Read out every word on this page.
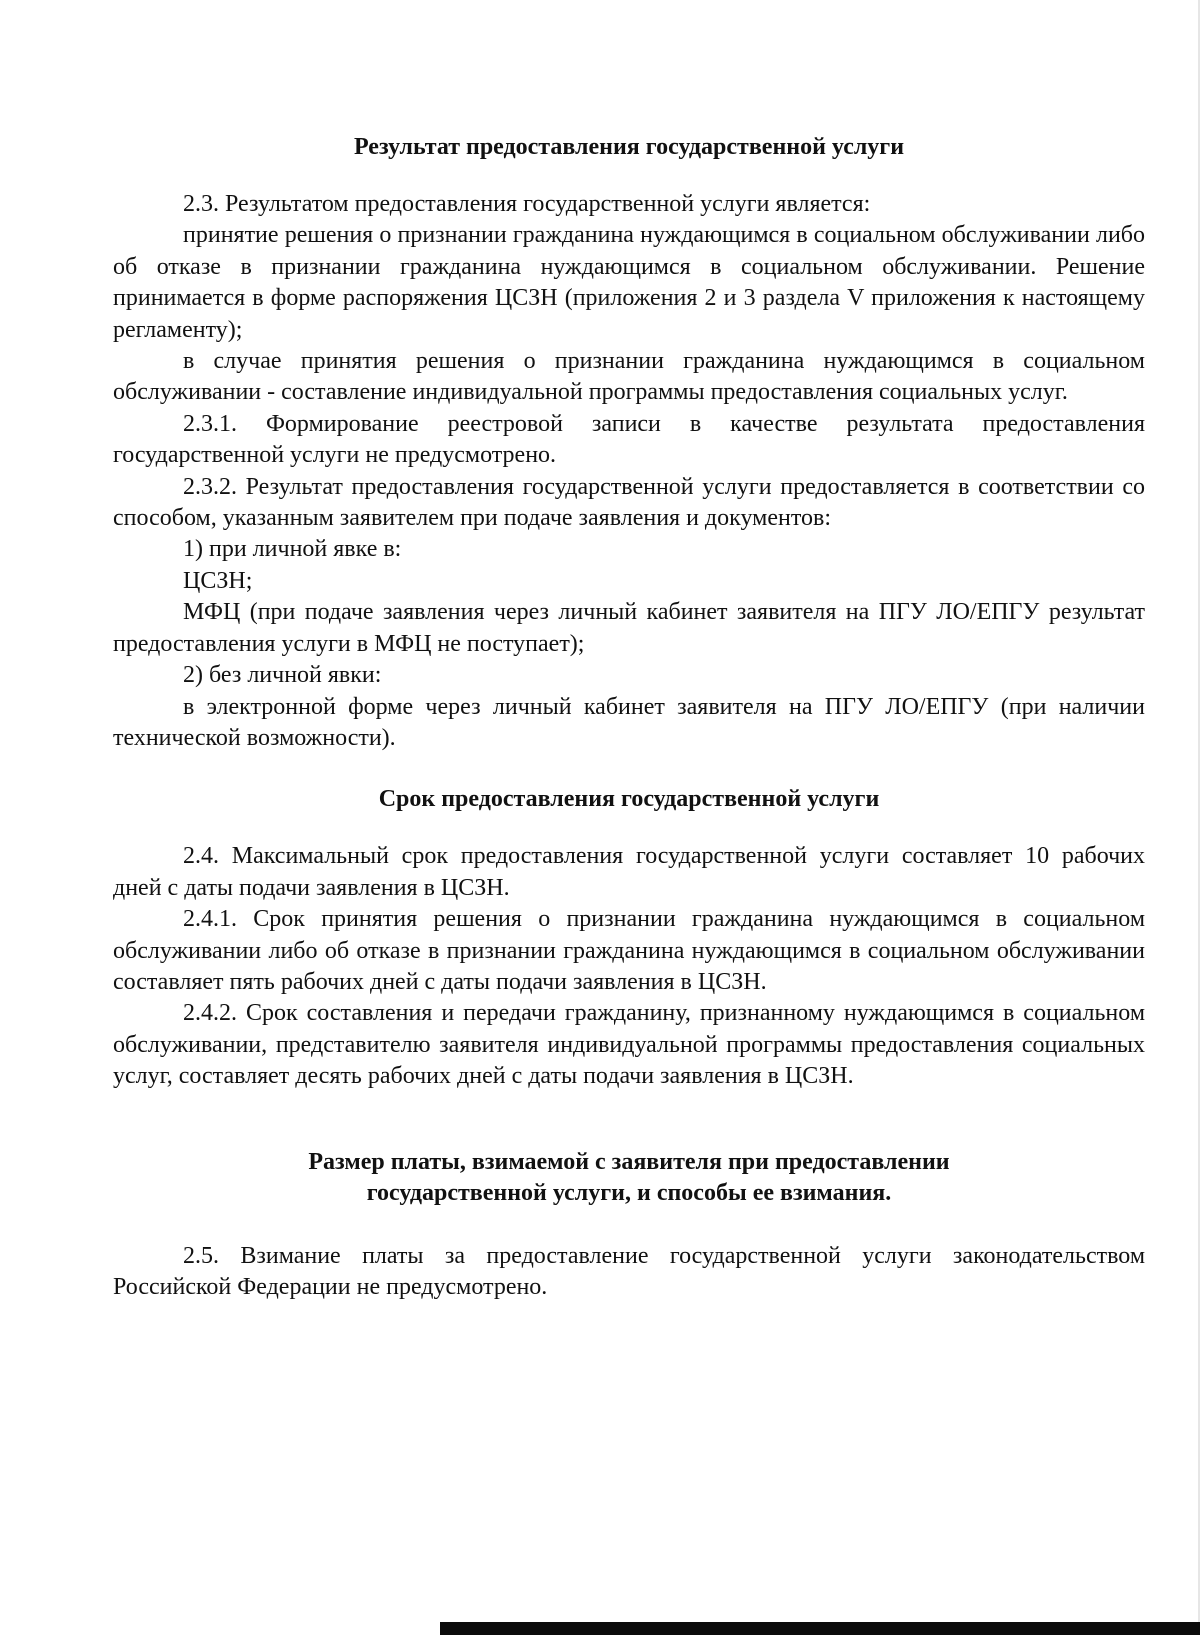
Результат предоставления государственной услуги

2.3. Результатом предоставления государственной услуги является:

принятие решения о признании гражданина нуждающимся в социальном обслуживании либо об отказе в признании гражданина нуждающимся в социальном обслуживании. Решение принимается в форме распоряжения ЦСЗН (приложения 2 и 3 раздела V приложения к настоящему регламенту);

в случае принятия решения о признании гражданина нуждающимся в социальном обслуживании - составление индивидуальной программы предоставления социальных услуг.

2.3.1. Формирование реестровой записи в качестве результата предоставления государственной услуги не предусмотрено.

2.3.2. Результат предоставления государственной услуги предоставляется в соответствии со способом, указанным заявителем при подаче заявления и документов:

1) при личной явке в:

ЦСЗН;

МФЦ (при подаче заявления через личный кабинет заявителя на ПГУ ЛО/ЕПГУ результат предоставления услуги в МФЦ не поступает);

2) без личной явки:

в электронной форме через личный кабинет заявителя на ПГУ ЛО/ЕПГУ (при наличии технической возможности).

Срок предоставления государственной услуги

2.4. Максимальный срок предоставления государственной услуги составляет 10 рабочих дней с даты подачи заявления в ЦСЗН.

2.4.1. Срок принятия решения о признании гражданина нуждающимся в социальном обслуживании либо об отказе в признании гражданина нуждающимся в социальном обслуживании составляет пять рабочих дней с даты подачи заявления в ЦСЗН.

2.4.2. Срок составления и передачи гражданину, признанному нуждающимся в социальном обслуживании, представителю заявителя индивидуальной программы предоставления социальных услуг, составляет десять рабочих дней с даты подачи заявления в ЦСЗН.

Размер платы, взимаемой с заявителя при предоставлении
государственной услуги, и способы ее взимания.

2.5. Взимание платы за предоставление государственной услуги законодательством Российской Федерации не предусмотрено.
